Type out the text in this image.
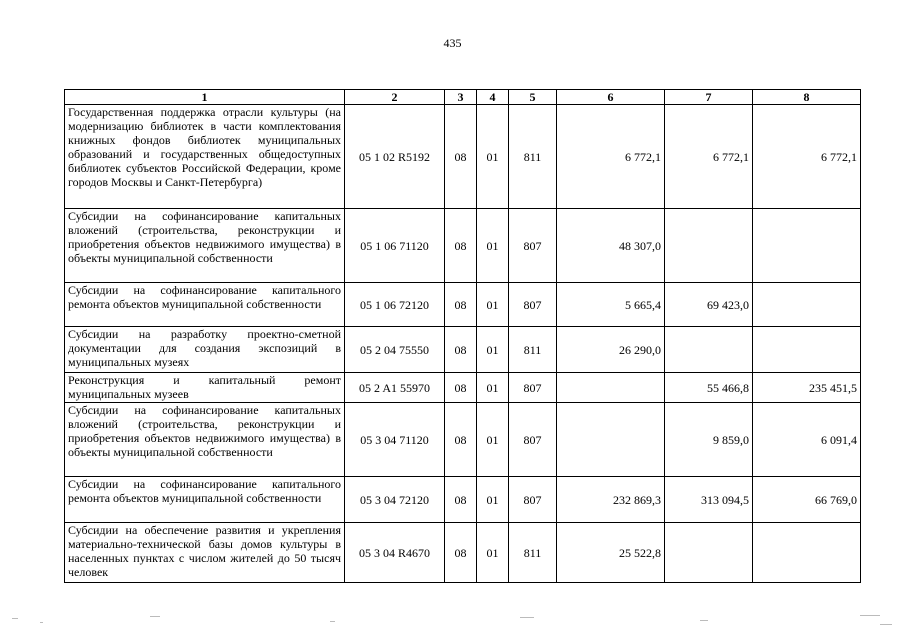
435
1	2	3	4	5	6	7	8
Государственная поддержка отрасли культуры (на модернизацию библиотек в части комплектования книжных фондов библиотек муниципальных образований и государственных общедоступных библиотек субъектов Российской Федерации, кроме городов Москвы и Санкт-Петербурга)	05 1 02 R5192	08	01	811	6 772,1	6 772,1	6 772,1
Субсидии на софинансирование капитальных вложений (строительства, реконструкции и приобретения объектов недвижимого имущества) в объекты муниципальной собственности	05 1 06 71120	08	01	807	48 307,0		
Субсидии на софинансирование капитального ремонта объектов муниципальной собственности	05 1 06 72120	08	01	807	5 665,4	69 423,0	
Субсидии на разработку проектно-сметной документации для создания экспозиций в муниципальных музеях	05 2 04 75550	08	01	811	26 290,0		
Реконструкция и капитальный ремонт муниципальных музеев	05 2 A1 55970	08	01	807		55 466,8	235 451,5
Субсидии на софинансирование капитальных вложений (строительства, реконструкции и приобретения объектов недвижимого имущества) в объекты муниципальной собственности	05 3 04 71120	08	01	807		9 859,0	6 091,4
Субсидии на софинансирование капитального ремонта объектов муниципальной собственности	05 3 04 72120	08	01	807	232 869,3	313 094,5	66 769,0
Субсидии на обеспечение развития и укрепления материально-технической базы домов культуры в населенных пунктах с числом жителей до 50 тысяч человек	05 3 04 R4670	08	01	811	25 522,8		
